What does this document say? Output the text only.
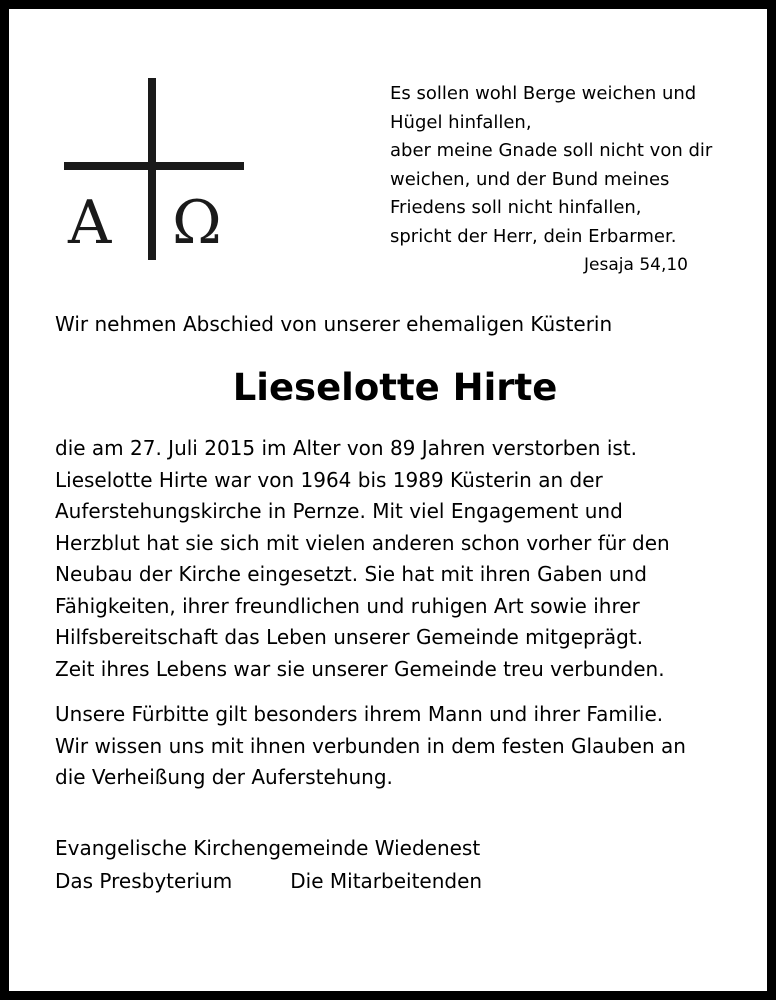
A Ω
Es sollen wohl Berge weichen und
Hügel hinfallen,
aber meine Gnade soll nicht von dir
weichen, und der Bund meines
Friedens soll nicht hinfallen,
spricht der Herr, dein Erbarmer.
Jesaja 54,10
Wir nehmen Abschied von unserer ehemaligen Küsterin
Lieselotte Hirte
die am 27. Juli 2015 im Alter von 89 Jahren verstorben ist.
Lieselotte Hirte war von 1964 bis 1989 Küsterin an der
Auferstehungskirche in Pernze. Mit viel Engagement und
Herzblut hat sie sich mit vielen anderen schon vorher für den
Neubau der Kirche eingesetzt. Sie hat mit ihren Gaben und
Fähigkeiten, ihrer freundlichen und ruhigen Art sowie ihrer
Hilfsbereitschaft das Leben unserer Gemeinde mitgeprägt.
Zeit ihres Lebens war sie unserer Gemeinde treu verbunden.
Unsere Fürbitte gilt besonders ihrem Mann und ihrer Familie.
Wir wissen uns mit ihnen verbunden in dem festen Glauben an
die Verheißung der Auferstehung.
Evangelische Kirchengemeinde Wiedenest
Das Presbyterium	Die Mitarbeitenden
